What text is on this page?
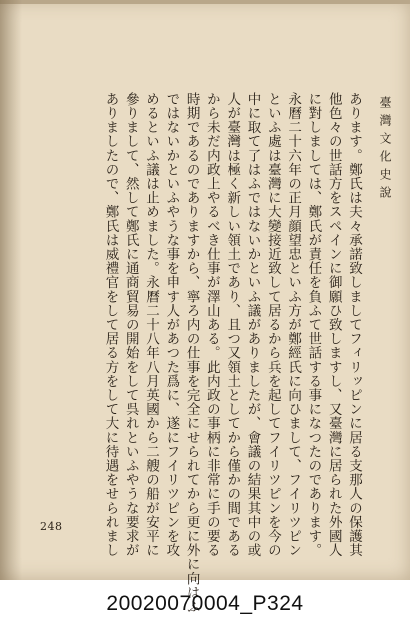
臺灣文化史說
あります。鄭氏は夫々承諾致しましてフィリッピンに居る支那人の保護其
他色々の世話方をスペインに御願ひ致しますし、又臺灣に居られた外國人
に對しましては、鄭氏が責任を負ふて世話する事になつたのであります。
永曆二十六年の正月顔望忠といふ方が鄭經氏に向ひまして、フイリツピン
といふ處は臺灣に大變接近致して居るから兵を起してフイリツピンを今の
中に取て了はふではないかといふ議がありましたが、會議の結果其中の或
人が臺灣は極く新しい領土であり、且つ又領土としてから僅かの間である
から未だ内政上やるべき仕事が澤山ある。此内政の事柄に非常に手の要る
時期であるのでありますから、寧ろ内の仕事を完全にせられてから更に外に向はふ
ではないかといふやうな事を申す人があつた爲に、遂にフイリツピンを攻
めるといふ議は止めました。永曆二十八年八月英國から二艘の船が安平に
參りまして、然して鄭氏に通商貿易の開始をして呉れといふやうな要求が
ありましたので、鄭氏は威禮官をして居る方をして大に待遇をせられまし
248
20020070004_P324
